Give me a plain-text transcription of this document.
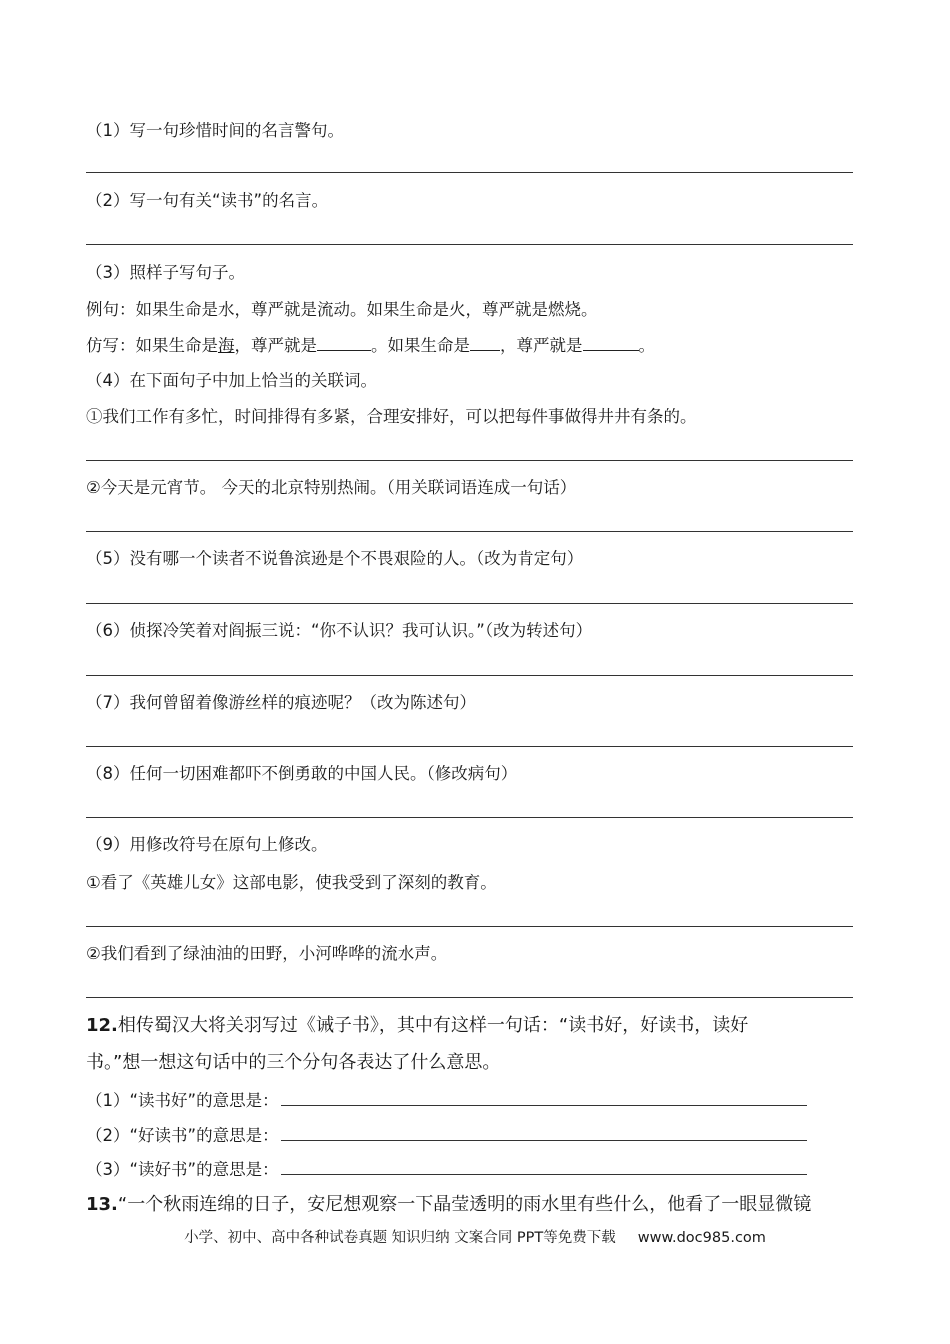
（1）写一句珍惜时间的名言警句。
（2）写一句有关“读书”的名言。
（3）照样子写句子。
例句：如果生命是水，尊严就是流动。如果生命是火，尊严就是燃烧。
仿写：如果生命是海，尊严就是	。如果生命是 ，尊严就是	。
（4）在下面句子中加上恰当的关联词。
①我们工作有多忙，时间排得有多紧，合理安排好，可以把每件事做得井井有条的。
②今天是元宵节。 今天的北京特别热闹。（用关联词语连成一句话）
（5）没有哪一个读者不说鲁滨逊是个不畏艰险的人。（改为肯定句）
（6）侦探冷笑着对阎振三说：“你不认识？我可认识。”（改为转述句）
（7）我何曾留着像游丝样的痕迹呢？（改为陈述句）
（8）任何一切困难都吓不倒勇敢的中国人民。（修改病句）
（9）用修改符号在原句上修改。
①看了《英雄儿女》这部电影，使我受到了深刻的教育。
②我们看到了绿油油的田野，小河哗哗的流水声。
12.相传蜀汉大将关羽写过《诫子书》，其中有这样一句话：“读书好，好读书，读好
书。”想一想这句话中的三个分句各表达了什么意思。
（1）“读书好”的意思是：
（2）“好读书”的意思是：
（3）“读好书”的意思是：
13.“一个秋雨连绵的日子，安尼想观察一下晶莹透明的雨水里有些什么，他看了一眼显微镜
小学、初中、高中各种试卷真题 知识归纳 文案合同 PPT等免费下载 www.doc985.com
